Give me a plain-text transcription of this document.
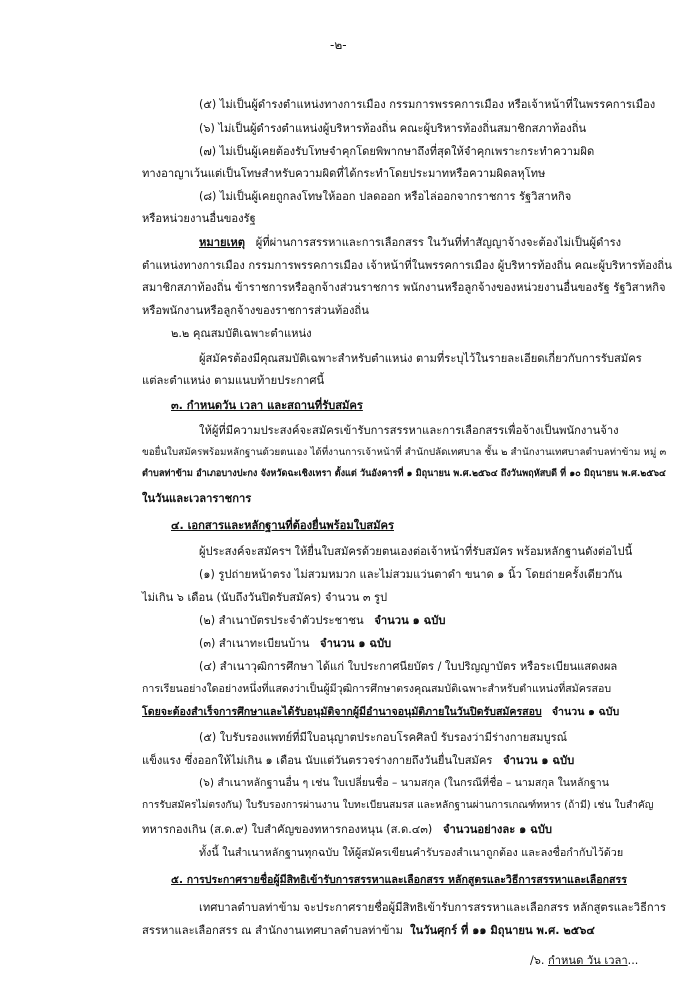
-๒-
(๕) ไม่เป็นผู้ดำรงตำแหน่งทางการเมือง กรรมการพรรคการเมือง หรือเจ้าหน้าที่ในพรรคการเมือง
(๖) ไม่เป็นผู้ดำรงตำแหน่งผู้บริหารท้องถิ่น คณะผู้บริหารท้องถิ่นสมาชิกสภาท้องถิ่น
(๗) ไม่เป็นผู้เคยต้องรับโทษจำคุกโดยพิพากษาถึงที่สุดให้จำคุกเพราะกระทำความผิด
ทางอาญาเว้นแต่เป็นโทษสำหรับความผิดที่ได้กระทำโดยประมาทหรือความผิดลหุโทษ
(๘) ไม่เป็นผู้เคยถูกลงโทษให้ออก ปลดออก หรือไล่ออกจากราชการ รัฐวิสาหกิจ
หรือหน่วยงานอื่นของรัฐ
หมายเหตุ ผู้ที่ผ่านการสรรหาและการเลือกสรร ในวันที่ทำสัญญาจ้างจะต้องไม่เป็นผู้ดำรง
ตำแหน่งทางการเมือง กรรมการพรรคการเมือง เจ้าหน้าที่ในพรรคการเมือง ผู้บริหารท้องถิ่น คณะผู้บริหารท้องถิ่น
สมาชิกสภาท้องถิ่น ข้าราชการหรือลูกจ้างส่วนราชการ พนักงานหรือลูกจ้างของหน่วยงานอื่นของรัฐ รัฐวิสาหกิจ
หรือพนักงานหรือลูกจ้างของราชการส่วนท้องถิ่น
๒.๒ คุณสมบัติเฉพาะตำแหน่ง
ผู้สมัครต้องมีคุณสมบัติเฉพาะสำหรับตำแหน่ง ตามที่ระบุไว้ในรายละเอียดเกี่ยวกับการรับสมัคร
แต่ละตำแหน่ง ตามแนบท้ายประกาศนี้
๓. กำหนดวัน เวลา และสถานที่รับสมัคร
ให้ผู้ที่มีความประสงค์จะสมัครเข้ารับการสรรหาและการเลือกสรรเพื่อจ้างเป็นพนักงานจ้าง
ขอยื่นใบสมัครพร้อมหลักฐานด้วยตนเอง ได้ที่งานการเจ้าหน้าที่ สำนักปลัดเทศบาล ชั้น ๒ สำนักงานเทศบาลตำบลท่าข้าม หมู่ ๓
ตำบลท่าข้าม อำเภอบางปะกง จังหวัดฉะเชิงเทรา ตั้งแต่ วันอังคารที่ ๑ มิถุนายน พ.ศ.๒๕๖๔ ถึงวันพฤหัสบดี ที่ ๑๐ มิถุนายน พ.ศ.๒๕๖๔
ในวันและเวลาราชการ
๔. เอกสารและหลักฐานที่ต้องยื่นพร้อมใบสมัคร
ผู้ประสงค์จะสมัครฯ ให้ยื่นใบสมัครด้วยตนเองต่อเจ้าหน้าที่รับสมัคร พร้อมหลักฐานดังต่อไปนี้
(๑) รูปถ่ายหน้าตรง ไม่สวมหมวก และไม่สวมแว่นตาดำ ขนาด ๑ นิ้ว โดยถ่ายครั้งเดียวกัน
ไม่เกิน ๖ เดือน (นับถึงวันปิดรับสมัคร) จำนวน ๓ รูป
(๒) สำเนาบัตรประจำตัวประชาชน จำนวน ๑ ฉบับ
(๓) สำเนาทะเบียนบ้าน จำนวน ๑ ฉบับ
(๔) สำเนาวุฒิการศึกษา ได้แก่ ใบประกาศนียบัตร / ใบปริญญาบัตร หรือระเบียนแสดงผล
การเรียนอย่างใดอย่างหนึ่งที่แสดงว่าเป็นผู้มีวุฒิการศึกษาตรงคุณสมบัติเฉพาะสำหรับตำแหน่งที่สมัครสอบ
โดยจะต้องสำเร็จการศึกษาและได้รับอนุมัติจากผู้มีอำนาจอนุมัติภายในวันปิดรับสมัครสอบ จำนวน ๑ ฉบับ
(๕) ใบรับรองแพทย์ที่มีใบอนุญาตประกอบโรคศิลป์ รับรองว่ามีร่างกายสมบูรณ์
แข็งแรง ซึ่งออกให้ไม่เกิน ๑ เดือน นับแต่วันตรวจร่างกายถึงวันยื่นใบสมัคร จำนวน ๑ ฉบับ
(๖) สำเนาหลักฐานอื่น ๆ เช่น ใบเปลี่ยนชื่อ – นามสกุล (ในกรณีที่ชื่อ – นามสกุล ในหลักฐาน
การรับสมัครไม่ตรงกัน) ใบรับรองการผ่านงาน ใบทะเบียนสมรส และหลักฐานผ่านการเกณฑ์ทหาร (ถ้ามี) เช่น ใบสำคัญ
ทหารกองเกิน (ส.ด.๙) ใบสำคัญของทหารกองหนุน (ส.ด.๔๓) จำนวนอย่างละ ๑ ฉบับ
ทั้งนี้ ในสำเนาหลักฐานทุกฉบับ ให้ผู้สมัครเขียนคำรับรองสำเนาถูกต้อง และลงชื่อกำกับไว้ด้วย
๕. การประกาศรายชื่อผู้มีสิทธิเข้ารับการสรรหาและเลือกสรร หลักสูตรและวิธีการสรรหาและเลือกสรร
เทศบาลตำบลท่าข้าม จะประกาศรายชื่อผู้มีสิทธิเข้ารับการสรรหาและเลือกสรร หลักสูตรและวิธีการ
สรรหาและเลือกสรร ณ สำนักงานเทศบาลตำบลท่าข้าม ในวันศุกร์ ที่ ๑๑ มิถุนายน พ.ศ. ๒๕๖๔
/๖. กำหนด วัน เวลา...
